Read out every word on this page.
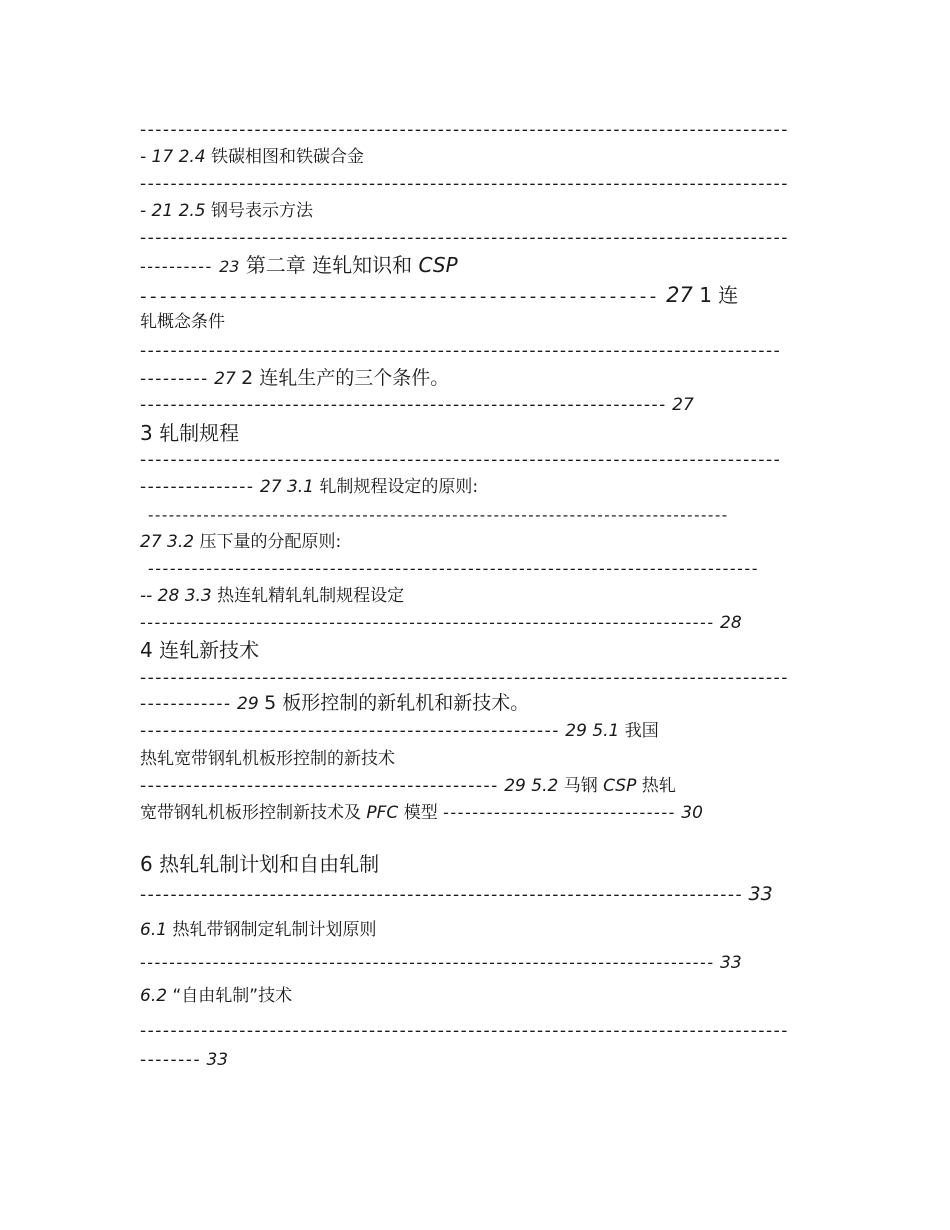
-------------------------------------------------------------------------------------
- 17 2.4 铁碳相图和铁碳合金
-------------------------------------------------------------------------------------
- 21 2.5 钢号表示方法
-------------------------------------------------------------------------------------
---------- 23 第二章 连轧知识和 CSP
---------------------------------------------------- 27 1 连
轧概念条件
------------------------------------------------------------------------------------
--------- 27 2 连轧生产的三个条件。
--------------------------------------------------------------------- 27
3 轧制规程
------------------------------------------------------------------------------------
--------------- 27 3.1 轧制规程设定的原则:
------------------------------------------------------------------------------------
27 3.2 压下量的分配原则:
------------------------------------------------------------------------------------
-- 28 3.3 热连轧精轧轧制规程设定
------------------------------------------------------------------------------- 28
4 连轧新技术
-------------------------------------------------------------------------------------
------------ 29 5 板形控制的新轧机和新技术。
------------------------------------------------------- 29 5.1 我国
热轧宽带钢轧机板形控制的新技术
----------------------------------------------- 29 5.2 马钢 CSP 热轧
宽带钢轧机板形控制新技术及 PFC 模型 -------------------------------- 30
6 热轧轧制计划和自由轧制
------------------------------------------------------------------------------- 33
6.1 热轧带钢制定轧制计划原则
------------------------------------------------------------------------------- 33
6.2 “自由轧制”技术
-------------------------------------------------------------------------------------
-------- 33
